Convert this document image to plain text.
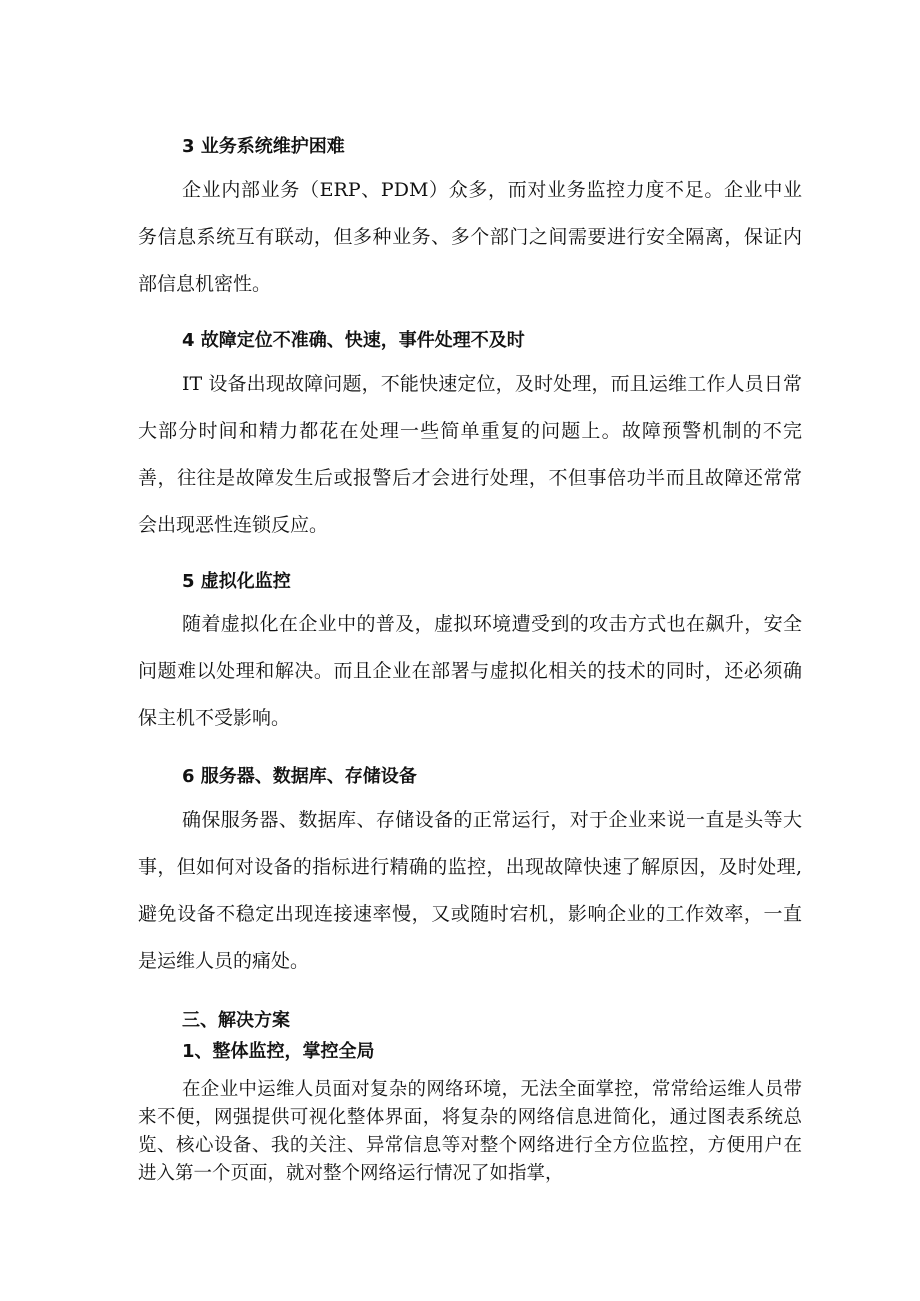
3 业务系统维护困难

企业内部业务（ERP、PDM）众多，而对业务监控力度不足。企业中业务信息系统互有联动，但多种业务、多个部门之间需要进行安全隔离，保证内部信息机密性。

4 故障定位不准确、快速，事件处理不及时

IT 设备出现故障问题，不能快速定位，及时处理，而且运维工作人员日常大部分时间和精力都花在处理一些简单重复的问题上。故障预警机制的不完善，往往是故障发生后或报警后才会进行处理，不但事倍功半而且故障还常常会出现恶性连锁反应。

5 虚拟化监控

随着虚拟化在企业中的普及，虚拟环境遭受到的攻击方式也在飙升，安全问题难以处理和解决。而且企业在部署与虚拟化相关的技术的同时，还必须确保主机不受影响。

6 服务器、数据库、存储设备

确保服务器、数据库、存储设备的正常运行，对于企业来说一直是头等大事，但如何对设备的指标进行精确的监控，出现故障快速了解原因，及时处理,避免设备不稳定出现连接速率慢，又或随时宕机，影响企业的工作效率，一直是运维人员的痛处。

三、解决方案
1、整体监控，掌控全局

在企业中运维人员面对复杂的网络环境，无法全面掌控，常常给运维人员带来不便，网强提供可视化整体界面，将复杂的网络信息进简化，通过图表系统总览、核心设备、我的关注、异常信息等对整个网络进行全方位监控，方便用户在进入第一个页面，就对整个网络运行情况了如指掌，
